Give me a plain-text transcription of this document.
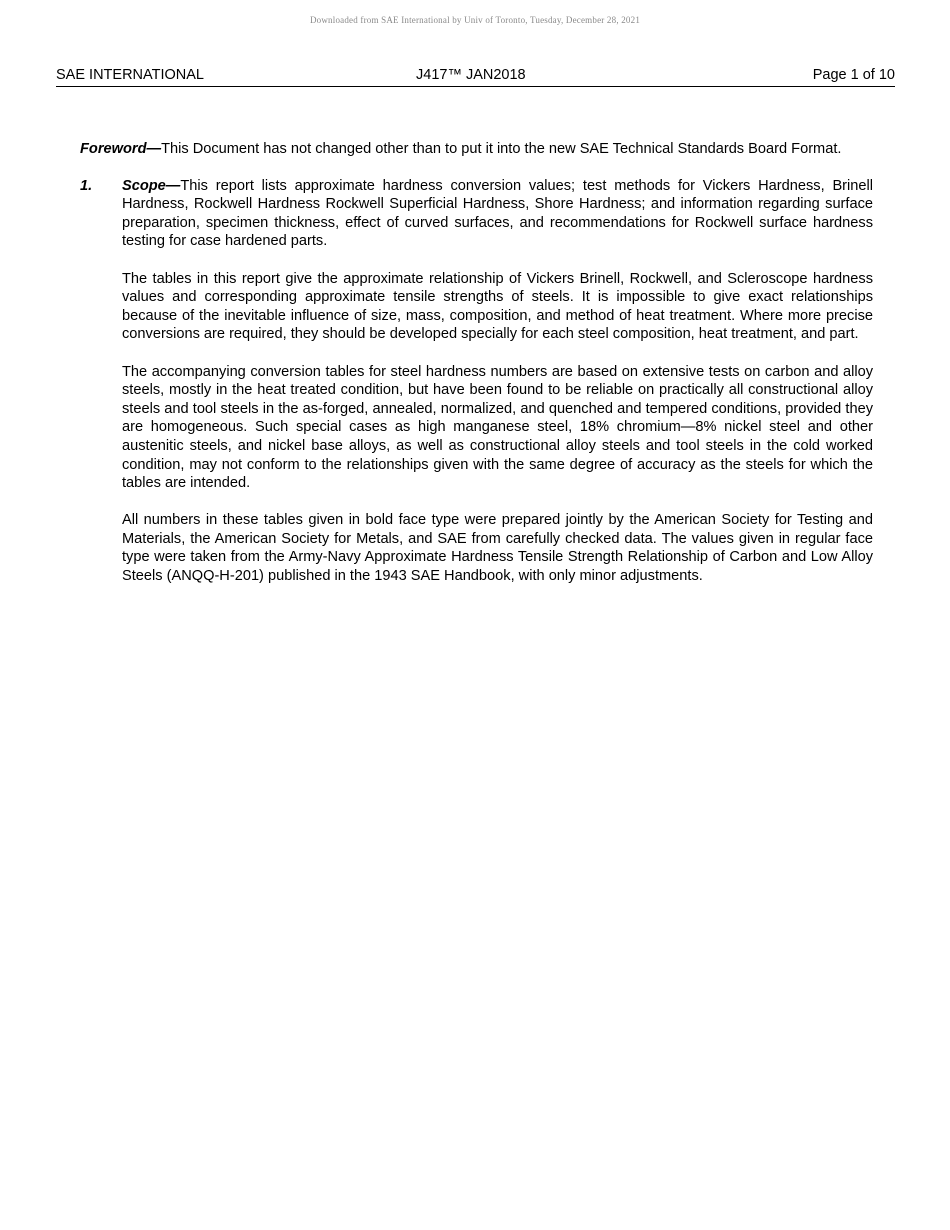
Downloaded from SAE International by Univ of Toronto, Tuesday, December 28, 2021
SAE INTERNATIONAL	J417™ JAN2018	Page 1 of 10

Foreword—This Document has not changed other than to put it into the new SAE Technical Standards Board Format.

1. Scope—This report lists approximate hardness conversion values; test methods for Vickers Hardness, Brinell Hardness, Rockwell Hardness Rockwell Superficial Hardness, Shore Hardness; and information regarding surface preparation, specimen thickness, effect of curved surfaces, and recommendations for Rockwell surface hardness testing for case hardened parts.

The tables in this report give the approximate relationship of Vickers Brinell, Rockwell, and Scleroscope hardness values and corresponding approximate tensile strengths of steels. It is impossible to give exact relationships because of the inevitable influence of size, mass, composition, and method of heat treatment. Where more precise conversions are required, they should be developed specially for each steel composition, heat treatment, and part.

The accompanying conversion tables for steel hardness numbers are based on extensive tests on carbon and alloy steels, mostly in the heat treated condition, but have been found to be reliable on practically all constructional alloy steels and tool steels in the as-forged, annealed, normalized, and quenched and tempered conditions, provided they are homogeneous. Such special cases as high manganese steel, 18% chromium—8% nickel steel and other austenitic steels, and nickel base alloys, as well as constructional alloy steels and tool steels in the cold worked condition, may not conform to the relationships given with the same degree of accuracy as the steels for which the tables are intended.

All numbers in these tables given in bold face type were prepared jointly by the American Society for Testing and Materials, the American Society for Metals, and SAE from carefully checked data. The values given in regular face type were taken from the Army-Navy Approximate Hardness Tensile Strength Relationship of Carbon and Low Alloy Steels (ANQQ-H-201) published in the 1943 SAE Handbook, with only minor adjustments.
